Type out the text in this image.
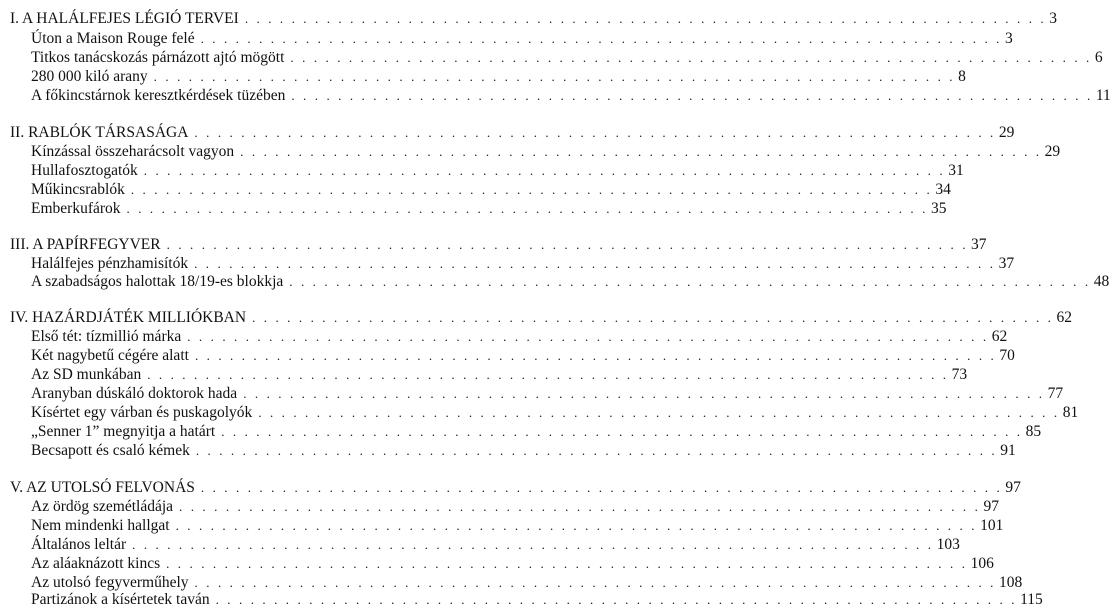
I. A HALÁLFEJES LÉGIÓ TERVEI . . . . . . . . . . . . . . . . . . . . . . . . . . . . . . . . . . . . . . . . . . . . . . . . . . . . . . . . . . . . . . . . . . . . . 3
Úton a Maison Rouge felé . . . . . . . . . . . . . . . . . . . . . . . . . . . . . . . . . . . . . . . . . . . . . . . . . . . . . . . . . . . . . . . . . . . . . 3
Titkos tanácskozás párnázott ajtó mögött . . . . . . . . . . . . . . . . . . . . . . . . . . . . . . . . . . . . . . . . . . . . . . . . . . . . . . . . . . . . . . . . . . . . . 6
280 000 kiló arany . . . . . . . . . . . . . . . . . . . . . . . . . . . . . . . . . . . . . . . . . . . . . . . . . . . . . . . . . . . . . . . . . . . . . 8
A főkincstárnok keresztkérdések tüzében . . . . . . . . . . . . . . . . . . . . . . . . . . . . . . . . . . . . . . . . . . . . . . . . . . . . . . . . . . . . . . . . . . . . . 11
II. RABLÓK TÁRSASÁGA . . . . . . . . . . . . . . . . . . . . . . . . . . . . . . . . . . . . . . . . . . . . . . . . . . . . . . . . . . . . . . . . . . . . . 29
Kínzással összeharácsolt vagyon . . . . . . . . . . . . . . . . . . . . . . . . . . . . . . . . . . . . . . . . . . . . . . . . . . . . . . . . . . . . . . . . . . . . . 29
Hullafosztogatók . . . . . . . . . . . . . . . . . . . . . . . . . . . . . . . . . . . . . . . . . . . . . . . . . . . . . . . . . . . . . . . . . . . . . 31
Műkincsrablók . . . . . . . . . . . . . . . . . . . . . . . . . . . . . . . . . . . . . . . . . . . . . . . . . . . . . . . . . . . . . . . . . . . . . 34
Emberkufárok . . . . . . . . . . . . . . . . . . . . . . . . . . . . . . . . . . . . . . . . . . . . . . . . . . . . . . . . . . . . . . . . . . . . . 35
III. A PAPÍRFEGYVER . . . . . . . . . . . . . . . . . . . . . . . . . . . . . . . . . . . . . . . . . . . . . . . . . . . . . . . . . . . . . . . . . . . . . 37
Halálfejes pénzhamisítók . . . . . . . . . . . . . . . . . . . . . . . . . . . . . . . . . . . . . . . . . . . . . . . . . . . . . . . . . . . . . . . . . . . . . 37
A szabadságos halottak 18/19-es blokkja . . . . . . . . . . . . . . . . . . . . . . . . . . . . . . . . . . . . . . . . . . . . . . . . . . . . . . . . . . . . . . . . . . . . . 48
IV. HAZÁRDJÁTÉK MILLIÓKBAN . . . . . . . . . . . . . . . . . . . . . . . . . . . . . . . . . . . . . . . . . . . . . . . . . . . . . . . . . . . . . . . . . . . . . 62
Első tét: tízmillió márka . . . . . . . . . . . . . . . . . . . . . . . . . . . . . . . . . . . . . . . . . . . . . . . . . . . . . . . . . . . . . . . . . . . . . 62
Két nagybetű cégére alatt . . . . . . . . . . . . . . . . . . . . . . . . . . . . . . . . . . . . . . . . . . . . . . . . . . . . . . . . . . . . . . . . . . . . . 70
Az SD munkában . . . . . . . . . . . . . . . . . . . . . . . . . . . . . . . . . . . . . . . . . . . . . . . . . . . . . . . . . . . . . . . . . . . . . 73
Aranyban dúskáló doktorok hada . . . . . . . . . . . . . . . . . . . . . . . . . . . . . . . . . . . . . . . . . . . . . . . . . . . . . . . . . . . . . . . . . . . . . 77
Kísértet egy várban és puskagolyók . . . . . . . . . . . . . . . . . . . . . . . . . . . . . . . . . . . . . . . . . . . . . . . . . . . . . . . . . . . . . . . . . . . . . 81
„Senner 1” megnyitja a határt . . . . . . . . . . . . . . . . . . . . . . . . . . . . . . . . . . . . . . . . . . . . . . . . . . . . . . . . . . . . . . . . . . . . . 85
Becsapott és csaló kémek . . . . . . . . . . . . . . . . . . . . . . . . . . . . . . . . . . . . . . . . . . . . . . . . . . . . . . . . . . . . . . . . . . . . . 91
V. AZ UTOLSÓ FELVONÁS . . . . . . . . . . . . . . . . . . . . . . . . . . . . . . . . . . . . . . . . . . . . . . . . . . . . . . . . . . . . . . . . . . . . . 97
Az ördög szemétládája . . . . . . . . . . . . . . . . . . . . . . . . . . . . . . . . . . . . . . . . . . . . . . . . . . . . . . . . . . . . . . . . . . . . . 97
Nem mindenki hallgat . . . . . . . . . . . . . . . . . . . . . . . . . . . . . . . . . . . . . . . . . . . . . . . . . . . . . . . . . . . . . . . . . . . . . 101
Általános leltár . . . . . . . . . . . . . . . . . . . . . . . . . . . . . . . . . . . . . . . . . . . . . . . . . . . . . . . . . . . . . . . . . . . . . 103
Az aláaknázott kincs . . . . . . . . . . . . . . . . . . . . . . . . . . . . . . . . . . . . . . . . . . . . . . . . . . . . . . . . . . . . . . . . . . . . . 106
Az utolsó fegyverműhely . . . . . . . . . . . . . . . . . . . . . . . . . . . . . . . . . . . . . . . . . . . . . . . . . . . . . . . . . . . . . . . . . . . . . 108
Partizánok a kísértetek taván . . . . . . . . . . . . . . . . . . . . . . . . . . . . . . . . . . . . . . . . . . . . . . . . . . . . . . . . . . . . . . . . . . . . . 115
